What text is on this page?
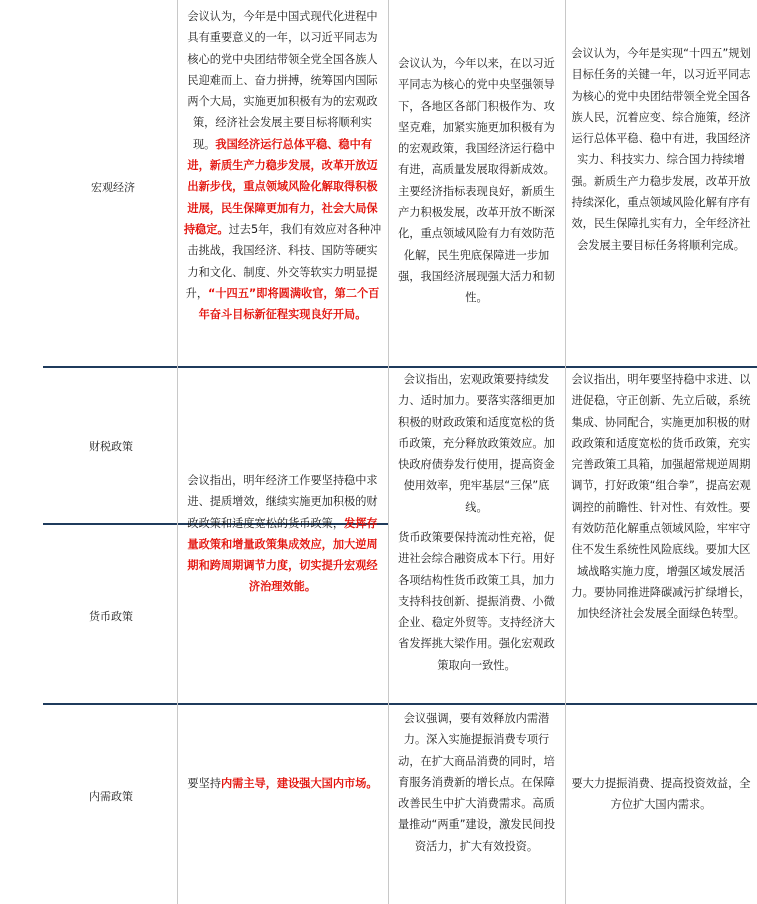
宏观经济
会议认为，今年是中国式现代化进程中具有重要意义的一年，以习近平同志为核心的党中央团结带领全党全国各族人民迎难而上、奋力拼搏，统筹国内国际两个大局，实施更加积极有为的宏观政策，经济社会发展主要目标将顺利实现。我国经济运行总体平稳、稳中有进，新质生产力稳步发展，改革开放迈出新步伐，重点领域风险化解取得积极进展，民生保障更加有力，社会大局保持稳定。过去5年，我们有效应对各种冲击挑战，我国经济、科技、国防等硬实力和文化、制度、外交等软实力明显提升，“十四五”即将圆满收官，第二个百年奋斗目标新征程实现良好开局。
会议认为，今年以来，在以习近平同志为核心的党中央坚强领导下，各地区各部门积极作为、攻坚克难，加紧实施更加积极有为的宏观政策，我国经济运行稳中有进，高质量发展取得新成效。主要经济指标表现良好，新质生产力积极发展，改革开放不断深化，重点领域风险有力有效防范化解，民生兜底保障进一步加强，我国经济展现强大活力和韧性。
会议认为，今年是实现“十四五”规划目标任务的关键一年，以习近平同志为核心的党中央团结带领全党全国各族人民，沉着应变、综合施策，经济运行总体平稳、稳中有进，我国经济实力、科技实力、综合国力持续增强。新质生产力稳步发展，改革开放持续深化，重点领域风险化解有序有效，民生保障扎实有力，全年经济社会发展主要目标任务将顺利完成。
财税政策
货币政策
会议指出，明年经济工作要坚持稳中求进、提质增效，继续实施更加积极的财政政策和适度宽松的货币政策，发挥存量政策和增量政策集成效应，加大逆周期和跨周期调节力度，切实提升宏观经济治理效能。
会议指出，宏观政策要持续发力、适时加力。要落实落细更加积极的财政政策和适度宽松的货币政策，充分释放政策效应。加快政府债券发行使用，提高资金使用效率，兜牢基层“三保”底线。
货币政策要保持流动性充裕，促进社会综合融资成本下行。用好各项结构性货币政策工具，加力支持科技创新、提振消费、小微企业、稳定外贸等。支持经济大省发挥挑大梁作用。强化宏观政策取向一致性。
会议指出，明年要坚持稳中求进、以进促稳，守正创新、先立后破，系统集成、协同配合，实施更加积极的财政政策和适度宽松的货币政策，充实完善政策工具箱，加强超常规逆周期调节，打好政策“组合拳”，提高宏观调控的前瞻性、针对性、有效性。要有效防范化解重点领域风险，牢牢守住不发生系统性风险底线。要加大区域战略实施力度，增强区域发展活力。要协同推进降碳减污扩绿增长，加快经济社会发展全面绿色转型。
内需政策
要坚持内需主导，建设强大国内市场。
会议强调，要有效释放内需潜力。深入实施提振消费专项行动，在扩大商品消费的同时，培育服务消费新的增长点。在保障改善民生中扩大消费需求。高质量推动“两重”建设，激发民间投资活力，扩大有效投资。
要大力提振消费、提高投资效益，全方位扩大国内需求。
